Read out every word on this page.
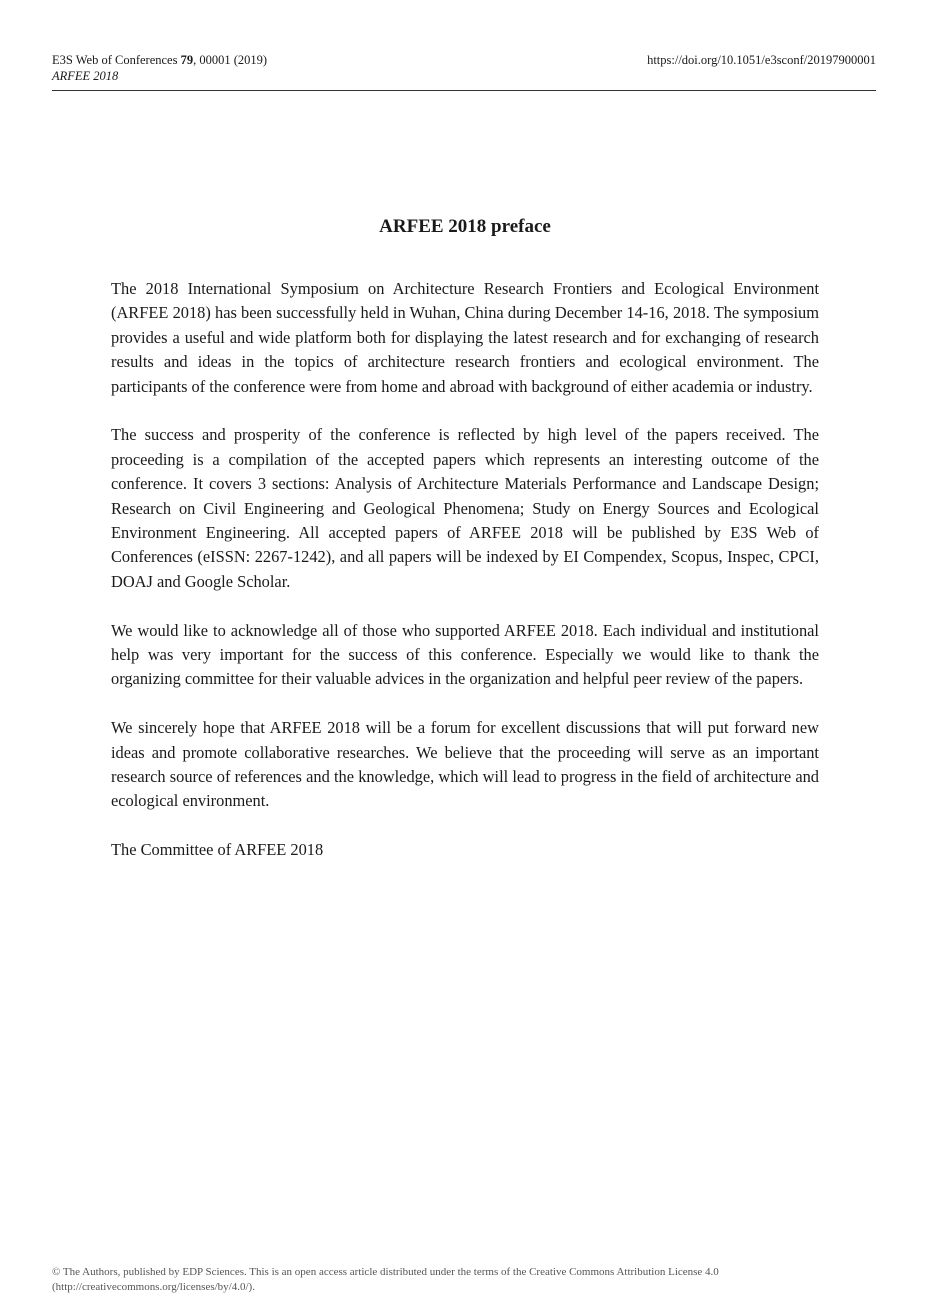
E3S Web of Conferences 79, 00001 (2019)
ARFEE 2018
https://doi.org/10.1051/e3sconf/20197900001
ARFEE 2018 preface

The 2018 International Symposium on Architecture Research Frontiers and Ecological Environment (ARFEE 2018) has been successfully held in Wuhan, China during December 14-16, 2018. The symposium provides a useful and wide platform both for displaying the latest research and for exchanging of research results and ideas in the topics of architecture research frontiers and ecological environment. The participants of the conference were from home and abroad with background of either academia or industry.

The success and prosperity of the conference is reflected by high level of the papers received. The proceeding is a compilation of the accepted papers which represents an interesting outcome of the conference. It covers 3 sections: Analysis of Architecture Materials Performance and Landscape Design; Research on Civil Engineering and Geological Phenomena; Study on Energy Sources and Ecological Environment Engineering. All accepted papers of ARFEE 2018 will be published by E3S Web of Conferences (eISSN: 2267-1242), and all papers will be indexed by EI Compendex, Scopus, Inspec, CPCI, DOAJ and Google Scholar.

We would like to acknowledge all of those who supported ARFEE 2018. Each individual and institutional help was very important for the success of this conference. Especially we would like to thank the organizing committee for their valuable advices in the organization and helpful peer review of the papers.

We sincerely hope that ARFEE 2018 will be a forum for excellent discussions that will put forward new ideas and promote collaborative researches. We believe that the proceeding will serve as an important research source of references and the knowledge, which will lead to progress in the field of architecture and ecological environment.

The Committee of ARFEE 2018

© The Authors, published by EDP Sciences. This is an open access article distributed under the terms of the Creative Commons Attribution License 4.0
(http://creativecommons.org/licenses/by/4.0/).
